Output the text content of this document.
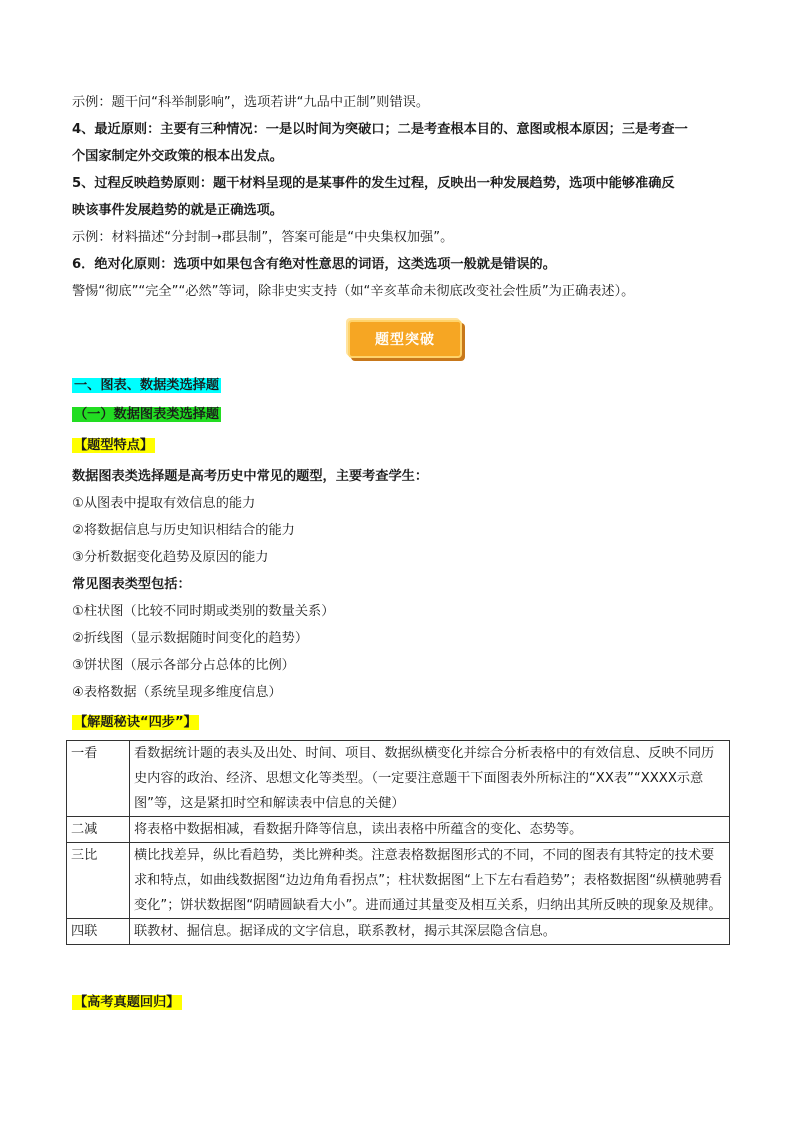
示例：题干问“科举制影响”，选项若讲“九品中正制”则错误。
4、最近原则：主要有三种情况：一是以时间为突破口；二是考查根本目的、意图或根本原因；三是考查一
个国家制定外交政策的根本出发点。
5、过程反映趋势原则：题干材料呈现的是某事件的发生过程，反映出一种发展趋势，选项中能够准确反
映该事件发展趋势的就是正确选项。
示例：材料描述“分封制➝郡县制”，答案可能是“中央集权加强”。
6．绝对化原则：选项中如果包含有绝对性意思的词语，这类选项一般就是错误的。
警惕“彻底”“完全”“必然”等词，除非史实支持（如“辛亥革命未彻底改变社会性质”为正确表述）。
题型突破
一、图表、数据类选择题
（一）数据图表类选择题
【题型特点】
数据图表类选择题是高考历史中常见的题型，主要考查学生：
①从图表中提取有效信息的能力
②将数据信息与历史知识相结合的能力
③分析数据变化趋势及原因的能力
常见图表类型包括：
①柱状图（比较不同时期或类别的数量关系）
②折线图（显示数据随时间变化的趋势）
③饼状图（展示各部分占总体的比例）
④表格数据（系统呈现多维度信息）
【解题秘诀“四步”】
一看	看数据统计题的表头及出处、时间、项目、数据纵横变化并综合分析表格中的有效信息、反映不同历史内容的政治、经济、思想文化等类型。（一定要注意题干下面图表外所标注的“XX表”“XXXX示意图”等，这是紧扣时空和解读表中信息的关健）
二减	将表格中数据相减，看数据升降等信息，读出表格中所蕴含的变化、态势等。
三比	横比找差异，纵比看趋势，类比辨种类。注意表格数据图形式的不同，不同的图表有其特定的技术要求和特点，如曲线数据图“边边角角看拐点”；柱状数据图“上下左右看趋势”；表格数据图“纵横驰骋看变化”；饼状数据图“阴晴圆缺看大小”。进而通过其量变及相互关系，归纳出其所反映的现象及规律。
四联	联教材、掘信息。据译成的文字信息，联系教材，揭示其深层隐含信息。
【高考真题回归】
